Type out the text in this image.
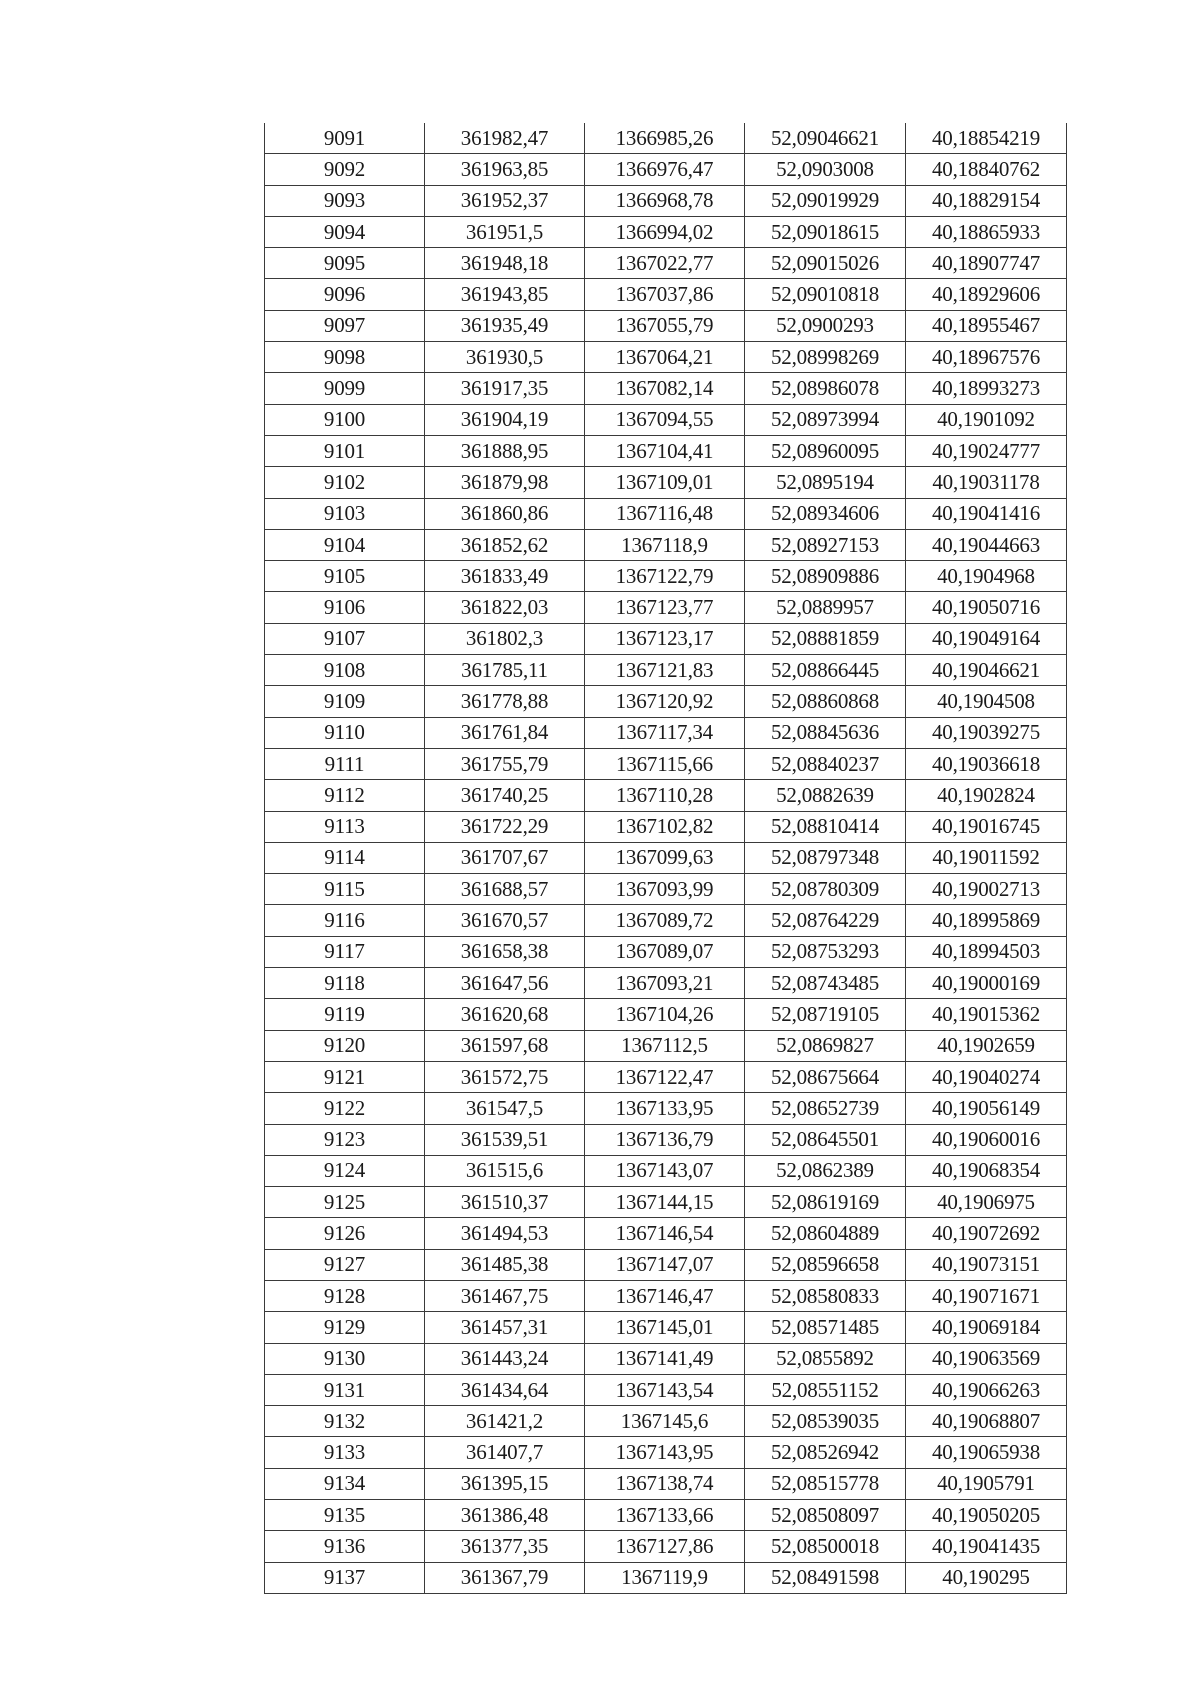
9091	361982,47	1366985,26	52,09046621	40,18854219
9092	361963,85	1366976,47	52,0903008	40,18840762
9093	361952,37	1366968,78	52,09019929	40,18829154
9094	361951,5	1366994,02	52,09018615	40,18865933
9095	361948,18	1367022,77	52,09015026	40,18907747
9096	361943,85	1367037,86	52,09010818	40,18929606
9097	361935,49	1367055,79	52,0900293	40,18955467
9098	361930,5	1367064,21	52,08998269	40,18967576
9099	361917,35	1367082,14	52,08986078	40,18993273
9100	361904,19	1367094,55	52,08973994	40,1901092
9101	361888,95	1367104,41	52,08960095	40,19024777
9102	361879,98	1367109,01	52,0895194	40,19031178
9103	361860,86	1367116,48	52,08934606	40,19041416
9104	361852,62	1367118,9	52,08927153	40,19044663
9105	361833,49	1367122,79	52,08909886	40,1904968
9106	361822,03	1367123,77	52,0889957	40,19050716
9107	361802,3	1367123,17	52,08881859	40,19049164
9108	361785,11	1367121,83	52,08866445	40,19046621
9109	361778,88	1367120,92	52,08860868	40,1904508
9110	361761,84	1367117,34	52,08845636	40,19039275
9111	361755,79	1367115,66	52,08840237	40,19036618
9112	361740,25	1367110,28	52,0882639	40,1902824
9113	361722,29	1367102,82	52,08810414	40,19016745
9114	361707,67	1367099,63	52,08797348	40,19011592
9115	361688,57	1367093,99	52,08780309	40,19002713
9116	361670,57	1367089,72	52,08764229	40,18995869
9117	361658,38	1367089,07	52,08753293	40,18994503
9118	361647,56	1367093,21	52,08743485	40,19000169
9119	361620,68	1367104,26	52,08719105	40,19015362
9120	361597,68	1367112,5	52,0869827	40,1902659
9121	361572,75	1367122,47	52,08675664	40,19040274
9122	361547,5	1367133,95	52,08652739	40,19056149
9123	361539,51	1367136,79	52,08645501	40,19060016
9124	361515,6	1367143,07	52,0862389	40,19068354
9125	361510,37	1367144,15	52,08619169	40,1906975
9126	361494,53	1367146,54	52,08604889	40,19072692
9127	361485,38	1367147,07	52,08596658	40,19073151
9128	361467,75	1367146,47	52,08580833	40,19071671
9129	361457,31	1367145,01	52,08571485	40,19069184
9130	361443,24	1367141,49	52,0855892	40,19063569
9131	361434,64	1367143,54	52,08551152	40,19066263
9132	361421,2	1367145,6	52,08539035	40,19068807
9133	361407,7	1367143,95	52,08526942	40,19065938
9134	361395,15	1367138,74	52,08515778	40,1905791
9135	361386,48	1367133,66	52,08508097	40,19050205
9136	361377,35	1367127,86	52,08500018	40,19041435
9137	361367,79	1367119,9	52,08491598	40,190295
